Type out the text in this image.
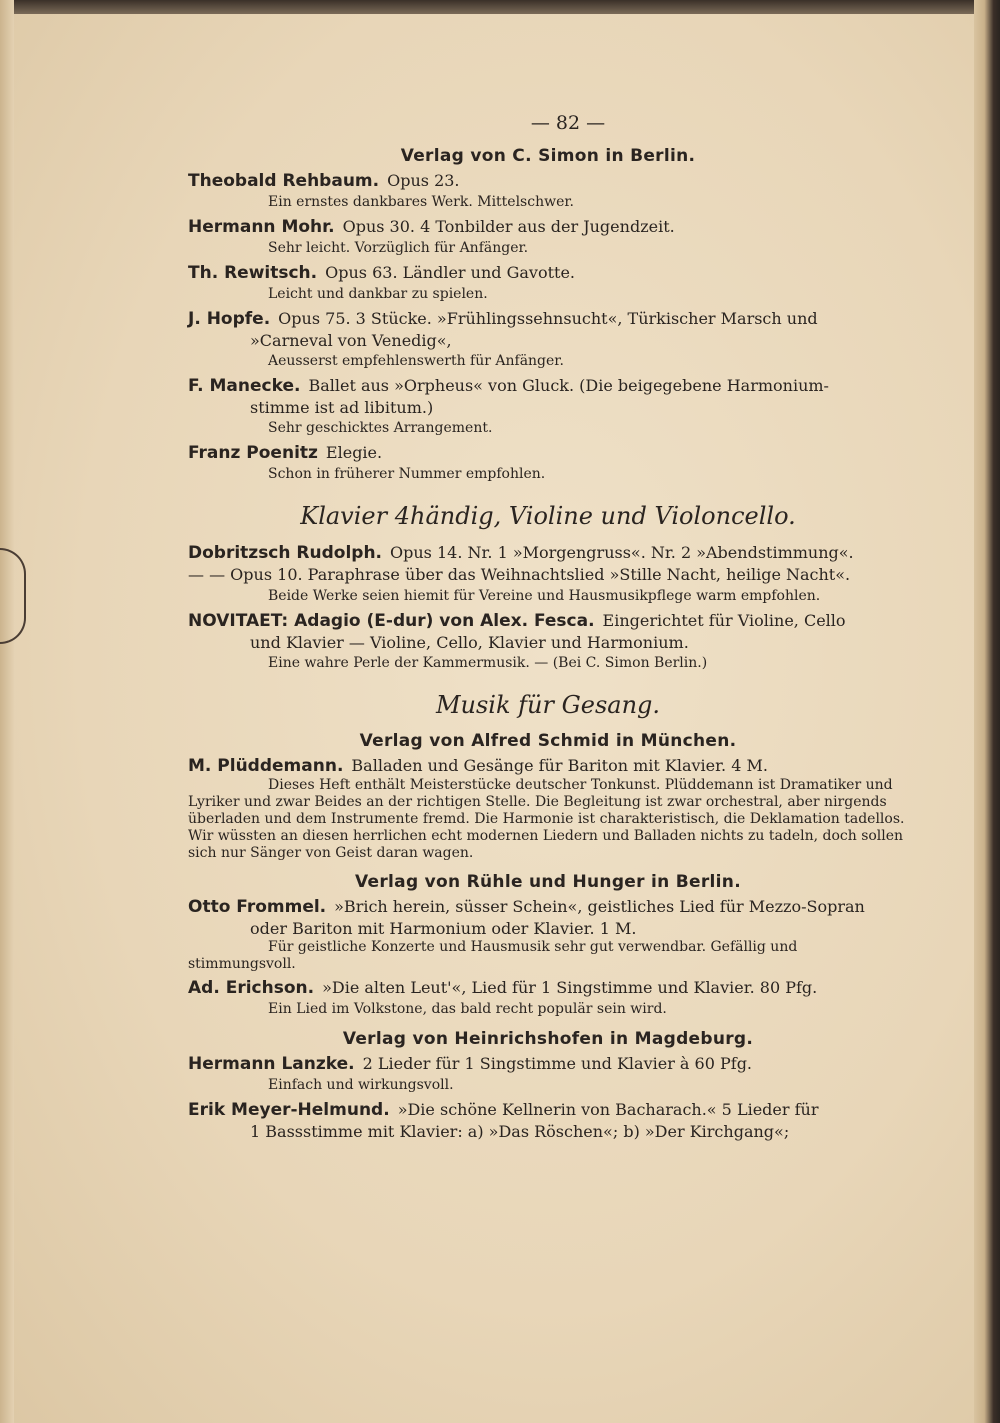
— 82 —
Verlag von C. Simon in Berlin.

Theobald Rehbaum. Opus 23.

Ein ernstes dankbares Werk. Mittelschwer.

Hermann Mohr. Opus 30. 4 Tonbilder aus der Jugendzeit.

Sehr leicht. Vorzüglich für Anfänger.

Th. Rewitsch. Opus 63. Ländler und Gavotte.

Leicht und dankbar zu spielen.

J. Hopfe. Opus 75. 3 Stücke. »Frühlingssehnsucht«, Türkischer Marsch und

»Carneval von Venedig«,

Aeusserst empfehlenswerth für Anfänger.

F. Manecke. Ballet aus »Orpheus« von Gluck. (Die beigegebene Harmonium-

stimme ist ad libitum.)

Sehr geschicktes Arrangement.

Franz Poenitz Elegie.

Schon in früherer Nummer empfohlen.

Klavier 4händig, Violine und Violoncello.

Dobritzsch Rudolph. Opus 14. Nr. 1 »Morgengruss«. Nr. 2 »Abendstimmung«.

— — Opus 10. Paraphrase über das Weihnachtslied »Stille Nacht, heilige Nacht«.

Beide Werke seien hiemit für Vereine und Hausmusikpflege warm empfohlen.

NOVITAET: Adagio (E-dur) von Alex. Fesca. Eingerichtet für Violine, Cello

und Klavier — Violine, Cello, Klavier und Harmonium.

Eine wahre Perle der Kammermusik. — (Bei C. Simon Berlin.)

Musik für Gesang.
Verlag von Alfred Schmid in München.

M. Plüddemann. Balladen und Gesänge für Bariton mit Klavier. 4 M.

Dieses Heft enthält Meisterstücke deutscher Tonkunst. Plüddemann ist Dramatiker und Lyriker und zwar Beides an der richtigen Stelle. Die Begleitung ist zwar orchestral, aber nirgends überladen und dem Instrumente fremd. Die Harmonie ist charakteristisch, die Deklamation tadellos. Wir wüssten an diesen herrlichen echt modernen Liedern und Balladen nichts zu tadeln, doch sollen sich nur Sänger von Geist daran wagen.

Verlag von Rühle und Hunger in Berlin.

Otto Frommel. »Brich herein, süsser Schein«, geistliches Lied für Mezzo-Sopran

oder Bariton mit Harmonium oder Klavier. 1 M.

Für geistliche Konzerte und Hausmusik sehr gut verwendbar. Gefällig und stimmungsvoll.

Ad. Erichson. »Die alten Leut'«, Lied für 1 Singstimme und Klavier. 80 Pfg.

Ein Lied im Volkstone, das bald recht populär sein wird.

Verlag von Heinrichshofen in Magdeburg.

Hermann Lanzke. 2 Lieder für 1 Singstimme und Klavier à 60 Pfg.

Einfach und wirkungsvoll.

Erik Meyer-Helmund. »Die schöne Kellnerin von Bacharach.« 5 Lieder für

1 Bassstimme mit Klavier: a) »Das Röschen«; b) »Der Kirchgang«;
